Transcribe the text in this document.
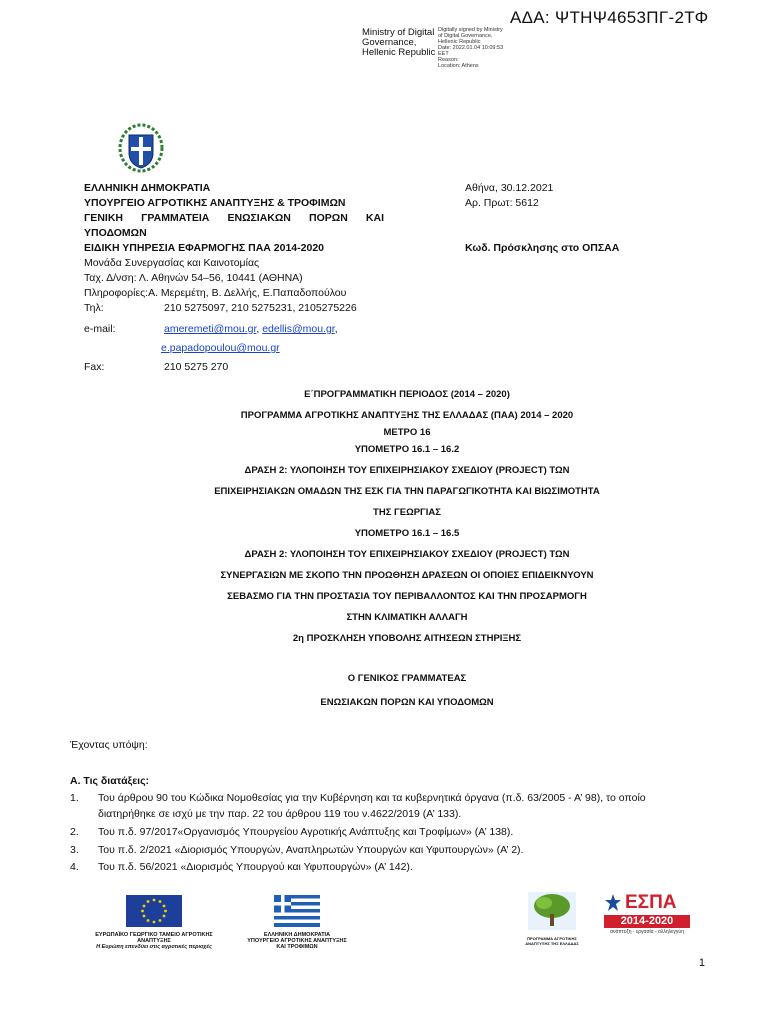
ΑΔΑ: ΨΤΗΨ4653ΠΓ-2ΤΦ
Ministry of Digital
Governance,
Hellenic Republic
Digitally signed by Ministry
of Digital Governance,
Hellenic Republic
Date: 2022.01.04 10:09:53
EET
Reason:
Location: Athens
ΕΛΛΗΝΙΚΗ ΔΗΜΟΚΡΑΤΙΑ
ΥΠΟΥΡΓΕΙΟ ΑΓΡΟΤΙΚΗΣ ΑΝΑΠΤΥΞΗΣ & ΤΡΟΦΙΜΩΝ
ΓΕΝΙΚΗ ΓΡΑΜΜΑΤΕΙΑ ΕΝΩΣΙΑΚΩΝ ΠΟΡΩΝ ΚΑΙ
ΥΠΟΔΟΜΩΝ
ΕΙΔΙΚΗ ΥΠΗΡΕΣΙΑ ΕΦΑΡΜΟΓΗΣ ΠΑΑ 2014-2020
Μονάδα Συνεργασίας και Καινοτομίας
Ταχ. Δ/νση: Λ. Αθηνών 54–56, 10441 (ΑΘΗΝΑ)
Πληροφορίες:Α. Μερεμέτη, Β. Δελλής, Ε.Παπαδοπούλου
Τηλ:	210 5275097, 210 5275231, 2105275226
e-mail:	ameremeti@mou.gr, edellis@mou.gr,
e.papadopoulou@mou.gr
Fax:	210 5275 270
Αθήνα, 30.12.2021
Αρ. Πρωτ: 5612
Κωδ. Πρόσκλησης στο ΟΠΣΑΑ
Ε΄ΠΡΟΓΡΑΜΜΑΤΙΚΗ ΠΕΡΙΟΔΟΣ (2014 – 2020)
ΠΡΟΓΡΑΜΜΑ ΑΓΡΟΤΙΚΗΣ ΑΝΑΠΤΥΞΗΣ ΤΗΣ ΕΛΛΑΔΑΣ (ΠΑΑ) 2014 – 2020
ΜΕΤΡΟ 16
ΥΠΟΜΕΤΡΟ 16.1 – 16.2
ΔΡΑΣΗ 2: ΥΛΟΠΟΙΗΣΗ ΤΟΥ ΕΠΙΧΕΙΡΗΣΙΑΚΟΥ ΣΧΕΔΙΟΥ (PROJECT) ΤΩΝ
ΕΠΙΧΕΙΡΗΣΙΑΚΩΝ ΟΜΑΔΩΝ ΤΗΣ ΕΣΚ ΓΙΑ ΤΗΝ ΠΑΡΑΓΩΓΙΚΟΤΗΤΑ ΚΑΙ ΒΙΩΣΙΜΟΤΗΤΑ
ΤΗΣ ΓΕΩΡΓΙΑΣ
ΥΠΟΜΕΤΡΟ 16.1 – 16.5
ΔΡΑΣΗ 2: ΥΛΟΠΟΙΗΣΗ ΤΟΥ ΕΠΙΧΕΙΡΗΣΙΑΚΟΥ ΣΧΕΔΙΟΥ (PROJECT) ΤΩΝ
ΣΥΝΕΡΓΑΣΙΩΝ ΜΕ ΣΚΟΠΟ ΤΗΝ ΠΡΟΩΘΗΣΗ ΔΡΑΣΕΩΝ ΟΙ ΟΠΟΙΕΣ ΕΠΙΔΕΙΚΝΥΟΥΝ
ΣΕΒΑΣΜΟ ΓΙΑ ΤΗΝ ΠΡΟΣΤΑΣΙΑ ΤΟΥ ΠΕΡΙΒΑΛΛΟΝΤΟΣ ΚΑΙ ΤΗΝ ΠΡΟΣΑΡΜΟΓΗ
ΣΤΗΝ ΚΛΙΜΑΤΙΚΗ ΑΛΛΑΓΗ
2η ΠΡΟΣΚΛΗΣΗ ΥΠΟΒΟΛΗΣ ΑΙΤΗΣΕΩΝ ΣΤΗΡΙΞΗΣ
Ο ΓΕΝΙΚΟΣ ΓΡΑΜΜΑΤΕΑΣ
ΕΝΩΣΙΑΚΩΝ ΠΟΡΩΝ ΚΑΙ ΥΠΟΔΟΜΩΝ
Έχοντας υπόψη:
Α. Τις διατάξεις:
1. Του άρθρου 90 του Κώδικα Νομοθεσίας για την Κυβέρνηση και τα κυβερνητικά όργανα (π.δ. 63/2005 - Α’ 98), το οποίο διατηρήθηκε σε ισχύ με την παρ. 22 του άρθρου 119 του ν.4622/2019 (Α’ 133).
2. Του π.δ. 97/2017«Οργανισμός Υπουργείου Αγροτικής Ανάπτυξης και Τροφίμων» (Α’ 138).
3. Του π.δ. 2/2021 «Διορισμός Υπουργών, Αναπληρωτών Υπουργών και Υφυπουργών» (Α’ 2).
4. Του π.δ. 56/2021 «Διορισμός Υπουργού και Υφυπουργών» (Α’ 142).
ΕΥΡΩΠΑΪΚΟ ΓΕΩΡΓΙΚΟ ΤΑΜΕΙΟ ΑΓΡΟΤΙΚΗΣ ΑΝΑΠΤΥΞΗΣ
Η Ευρώπη επενδύει στις αγροτικές περιοχές
ΕΛΛΗΝΙΚΗ ΔΗΜΟΚΡΑΤΙΑ
ΥΠΟΥΡΓΕΙΟ ΑΓΡΟΤΙΚΗΣ ΑΝΑΠΤΥΞΗΣ ΚΑΙ ΤΡΟΦΙΜΩΝ
ΠΡΟΓΡΑΜΜΑ ΑΓΡΟΤΙΚΗΣ ΑΝΑΠΤΥΞΗΣ ΤΗΣ ΕΛΛΑΔΑΣ
ΕΣΠΑ
2014-2020
ανάπτυξη - εργασία - αλληλεγγύη
1
